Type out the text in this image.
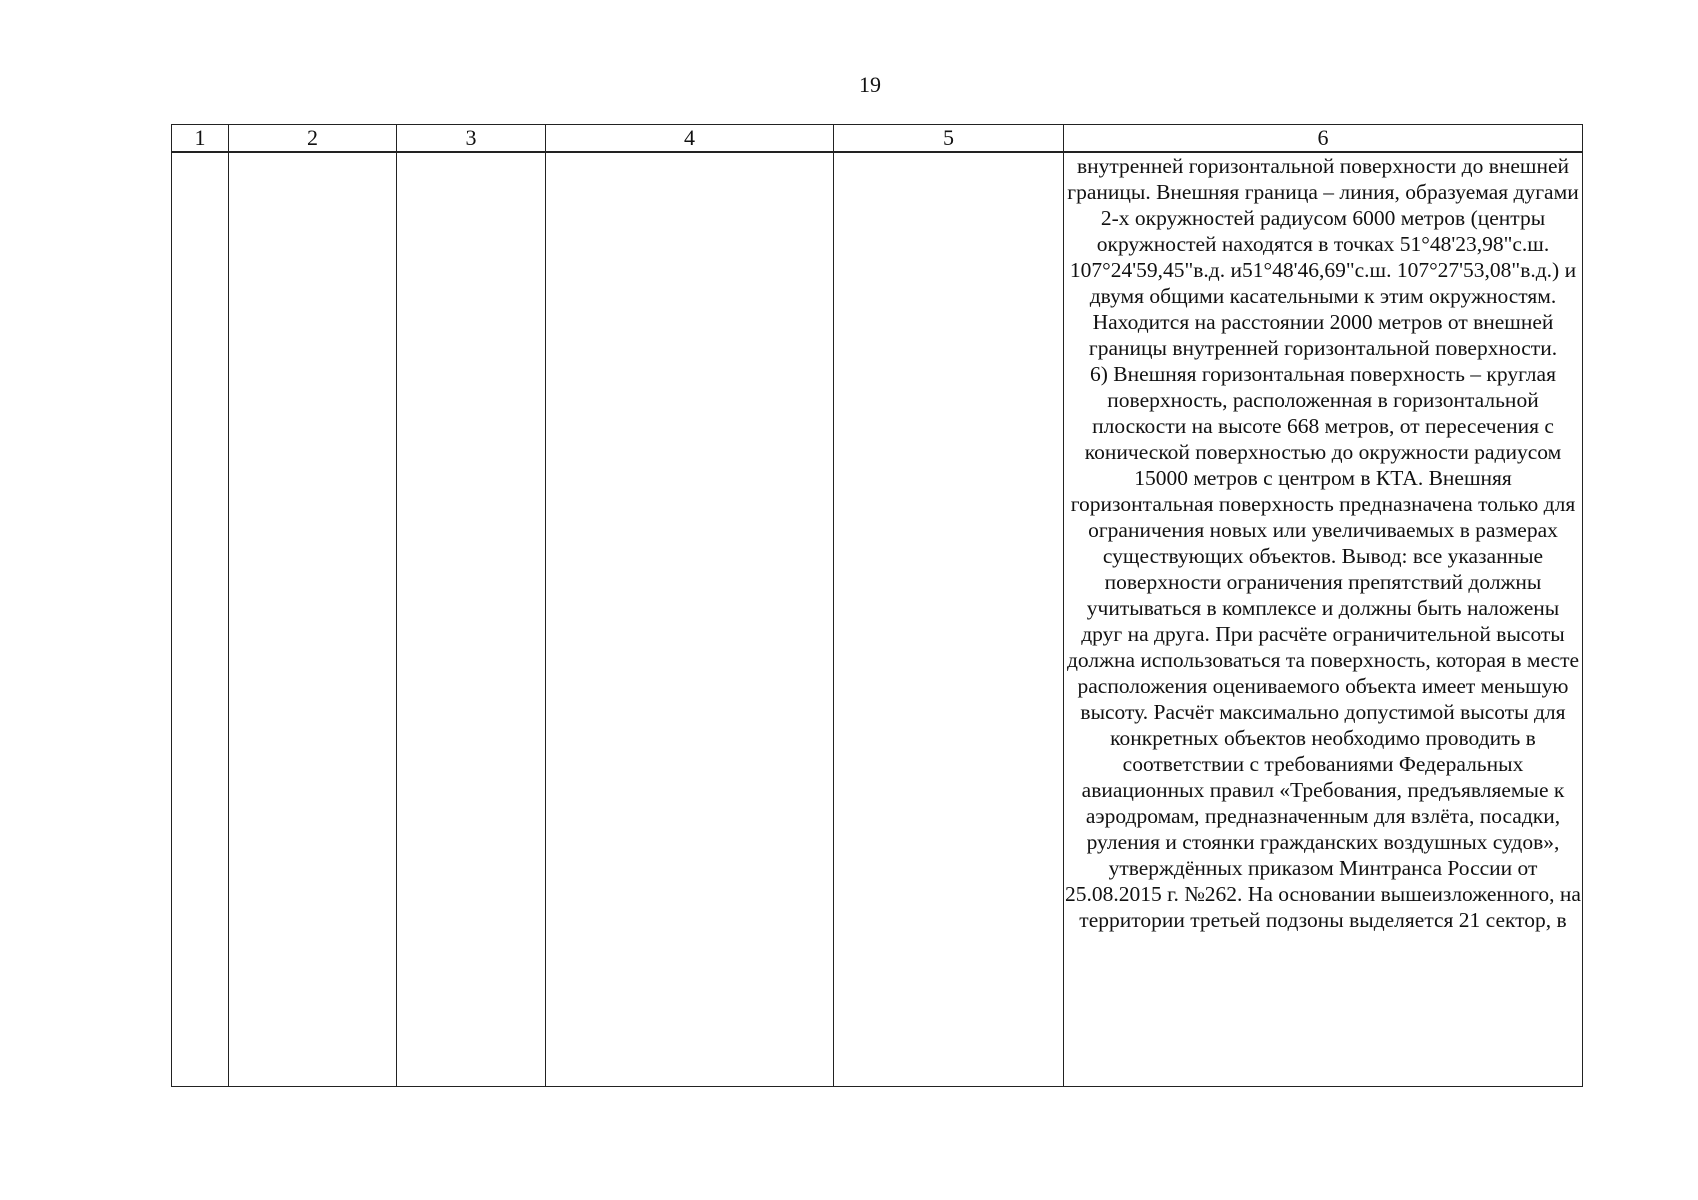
19
1	2	3	4	5	6

					внутренней горизонтальной поверхности до внешней границы. Внешняя граница – линия, образуемая дугами 2-х окружностей радиусом 6000 метров (центры окружностей находятся в точках 51°48'23,98"с.ш. 107°24'59,45"в.д. и51°48'46,69"с.ш. 107°27'53,08"в.д.) и двумя общими касательными к этим окружностям. Находится на расстоянии 2000 метров от внешней границы внутренней горизонтальной поверхности.

6) Внешняя горизонтальная поверхность – круглая поверхность, расположенная в горизонтальной плоскости на высоте 668 метров, от пересечения с конической поверхностью до окружности радиусом 15000 метров с центром в КТА. Внешняя горизонтальная поверхность предназначена только для ограничения новых или увеличиваемых в размерах существующих объектов. Вывод: все указанные поверхности ограничения препятствий должны учитываться в комплексе и должны быть наложены друг на друга. При расчёте ограничительной высоты должна использоваться та поверхность, которая в месте расположения оцениваемого объекта имеет меньшую высоту. Расчёт максимально допустимой высоты для конкретных объектов необходимо проводить в соответствии с требованиями Федеральных авиационных правил «Требования, предъявляемые к аэродромам, предназначенным для взлёта, посадки, руления и стоянки гражданских воздушных судов», утверждённых приказом Минтранса России от 25.08.2015 г. №262. На основании вышеизложенного, на территории третьей подзоны выделяется 21 сектор, в
